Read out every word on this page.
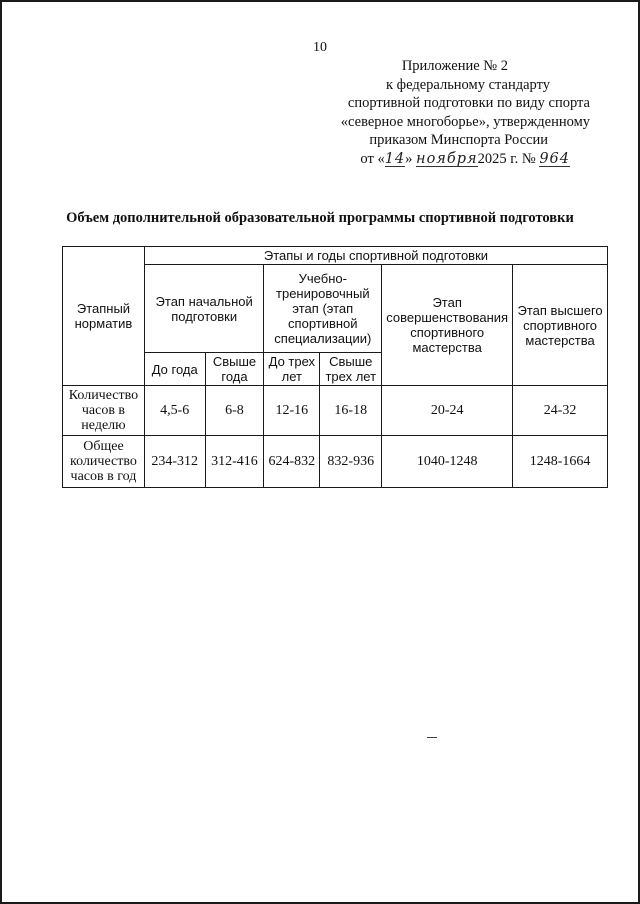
10
Приложение № 2
к федеральному стандарту
спортивной подготовки по виду спорта
«северное многоборье», утвержденному
приказом Минспорта России
от «14» ноября2025 г. № 964
Объем дополнительной образовательной программы спортивной подготовки
Этапный норматив	Этапы и годы спортивной подготовки					
	Этап начальной подготовки		Учебно-тренировочный этап (этап спортивной специализации)		Этап совершенствования спортивного мастерства	Этап высшего спортивного мастерства
	До года	Свыше года	До трех лет	Свыше трех лет		
Количество часов в неделю	4,5-6	6-8	12-16	16-18	20-24	24-32
Общее количество часов в год	234-312	312-416	624-832	832-936	1040-1248	1248-1664
